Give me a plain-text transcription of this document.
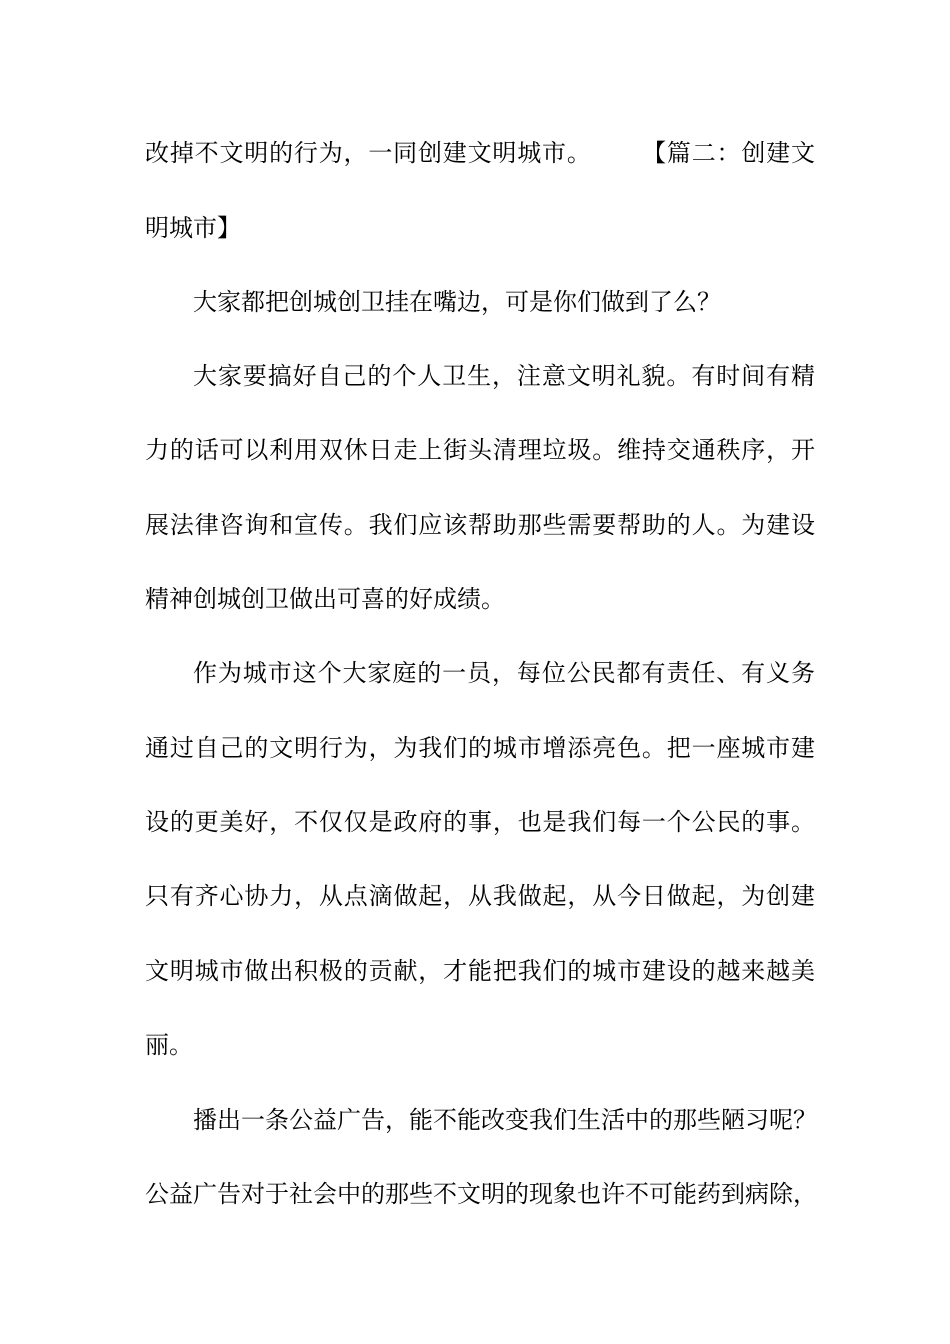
改掉不文明的行为，一同创建文明城市。　　　【篇二：创建文
明城市】
大家都把创城创卫挂在嘴边，可是你们做到了么？
大家要搞好自己的个人卫生，注意文明礼貌。有时间有精
力的话可以利用双休日走上街头清理垃圾。维持交通秩序，开
展法律咨询和宣传。我们应该帮助那些需要帮助的人。为建设
精神创城创卫做出可喜的好成绩。
作为城市这个大家庭的一员，每位公民都有责任、有义务
通过自己的文明行为，为我们的城市增添亮色。把一座城市建
设的更美好，不仅仅是政府的事，也是我们每一个公民的事。
只有齐心协力，从点滴做起，从我做起，从今日做起，为创建
文明城市做出积极的贡献，才能把我们的城市建设的越来越美
丽。
播出一条公益广告，能不能改变我们生活中的那些陋习呢？
公益广告对于社会中的那些不文明的现象也许不可能药到病除，
